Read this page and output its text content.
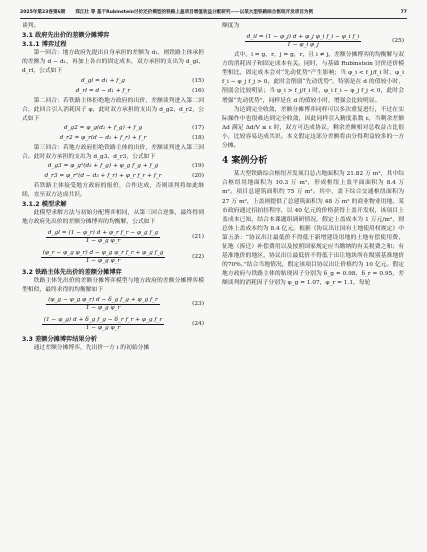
2025年第23卷第6期 郑江壮 等 基于Rubinstein讨价还价模型的铁路上盖项目增值收益分配研究——以某大型铁路综合枢纽开发项目为例	77

谈判。

3.1 政府先出价的差额分摊博弈

3.1.1 博弈过程

第一回合：地方政府先提出自身承担的差额为 d₁，则铁路主体承担的差额为 d − d₁，再加上各自的固定成本，双方承担的支出为 d_gl、d_rl，公式如下

d_gl = d₁ + f_g	(15)
d_rl = d − d₁ + f_r	(16)

第二回合：若铁路主体拒绝地方政府的出价，差额谈判进入第二回合，此回合引入消耗因子 φ，此时双方承担的支出为 d_g2、d_r2，公式如下

d_g2 = φ_g(d₂ + f_g) + f_g	(17)
d_r2 = φ_r(d − d₂ + f_r) + f_r	(18)

第三回合：若地方政府拒绝铁路主体的出价，差额谈判进入第三回合。此时双方承担的支出为 d_g3、d_r3，公式如下

d_g3 = φ_g²(d₃ + f_g) + φ_g f_g + f_g	(19)
d_r3 = φ_r²(d − d₃ + f_r) + φ_r f_r + f_r	(20)

若铁路主体接受地方政府的报价，合作达成，否则谈判将如此继续，直至双方达成共识。

3.1.2 模型求解

此模型求解方法与初始分配博弈相同，从第三回合逆推，最终得到地方政府先出价的差额分摊博弈的均衡解，公式如下

$\frac{\text{d\_gl = (1 − φ\_r) d + φ\_r f\_r − φ\_g f\_g}}{\text{1 − φ\_g φ\_r}}$	(21)
$\frac{\text{(φ\_r − φ\_g φ\_r) d − φ\_g φ\_r f\_r + φ\_g f\_g}}{\text{1 − φ\_g φ\_r}}$	(22)

3.2 铁路主体先出价的差额分摊博弈

铁路主体先出价的差额分摊博弈模型与地方政府的差额分摊博弈模型相似，最终求得的均衡解如下

$\frac{\text{(φ\_g − φ\_g φ\_r) d − δ\_g f\_g + φ\_g f\_r}}{\text{1 − φ\_g φ\_r}}$	(23)
$\frac{\text{(1 − φ\_g) d + δ\_g f\_g − δ\_r f\_r + φ\_g f\_r}}{\text{1 − φ\_g φ\_r}}$	(24)

3.3 差额分摊博弈结果分析

通过差额分摊博弈，先出价一方 i 的初始分摊

额度为

$\frac{\text{d\_il = (1 − φ\_j) d + φ\_j φ\_i f\_i − φ\_i f\_i}}{\text{1 − φ\_i φ\_j}}$	(25)

式中，i = g，r，j = g，r，且 i ≠ j。差额分摊博弈的均衡解与双方的消耗因子和固定成本有关。同时，与基础 Rubinstein 讨价还价模型相比，固定成本会对“先动优势”产生影响；当 φ_i < f_j/f_i 时，φ_i f_i − φ_j f_j > 0，此时会削弱“先动优势”，特别是在 d 的值较小时，削弱会比较明显；当 φ_i > f_j/f_i 时，φ_i f_i − φ_j f_j < 0，此时会增强“先动优势”，同样是在 d 的值较小时，增强会比较明显。

为达到完全收敛，差额分摊博弈同样可以多次重复进行，不过在实际操作中也很难达到完全收敛，因此同样引入精度系数 ε，当剩余差额 Δd 满足 Δd/V ≤ ε 时，双方可达成协议，剩余差额相对总收益占比很小，比较容易达成共识。本文假定这部分差额将由分得利益较多的一方分摊。

4 案例分析

某大型铁路综合枢纽开发项目总占地面积为 21.82 万 m²，其中综合枢纽用地面积为 10.3 万 m²，形成枢纽上盖平面面积为 8.4 万 m²。项目总建筑面积约 75 万 m²。其中，盖下综合交通枢纽面积为 27 万 m²，上盖则提供了总建筑面积为 48 万 m² 的商业物业用地。某市政府通过招拍挂程序，以 40 亿元的价格获得上盖开发权，该项目上盖成本已知，结合本课题组调研情况，假定上盖成本为 1 万元/m²，则总体上盖成本约为 8.4 亿元。根据《协议出让国有土地使用权规定》中第五条：“协议出让最低价不得低于新增建设用地的土地有偿使用费、征地（拆迁）补偿费用以及按照国家规定应当缴纳的有关税费之和；有基准地价的地区，协议出让最低价不得低于出让地块所在级别基准地价的70%。”结合当地情况，假定该项目协议出让价格约为 10 亿元。假定地方政府与铁路主体的贴现因子分别为 δ_g = 0.98，δ_r = 0.95，差额谈判的消耗因子分别为 φ_g = 1.07，φ_r = 1.1，每轮
